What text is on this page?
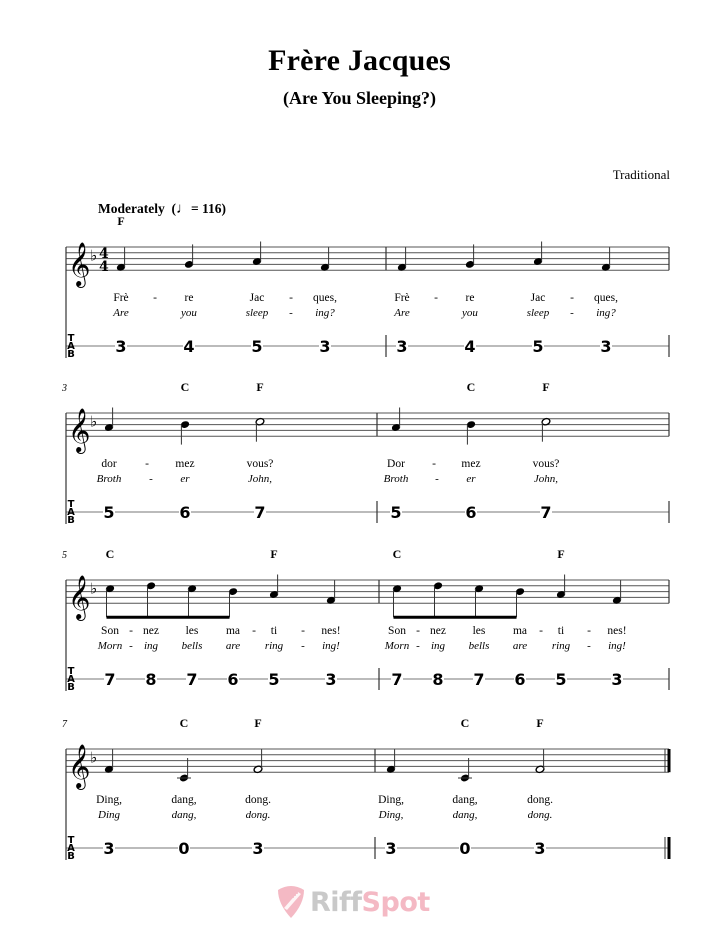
Frère Jacques
(Are You Sleeping?)
Traditional
Moderately (♩= 116)
𝄞 ♭ 4
4
T
A
B
F
Frè - re	Jac - ques,
Are	you	sleep - ing?
3	4	5	3
Frè - re	Jac - ques,
Are	you	sleep - ing?
3	4	5	3
𝄞 ♭
3
T
A
B
C	F
dor - mez	vous?
Broth	-	er	John,
5	6	7
C	F
Dor - mez	vous?
Broth -	er	John,
5	6	7
𝄞 ♭
5
T
A
B
C	F
Son - nez les ma - ti - nes!
Morn - ing bells are ring - ing!
7 8 7 6 5	3
C	F
Son - nez les ma - ti - nes!
Morn - ing bells are ring - ing!
7 8 7 6 5	3
𝄞 ♭
7
T
A
B
C	F
Ding,	dang,	dong.
Ding	dang,	dong.
3	0	3
C	F
Ding,	dang,	dong.
Ding,	dang,	dong.
3	0	3
RiffSpot
